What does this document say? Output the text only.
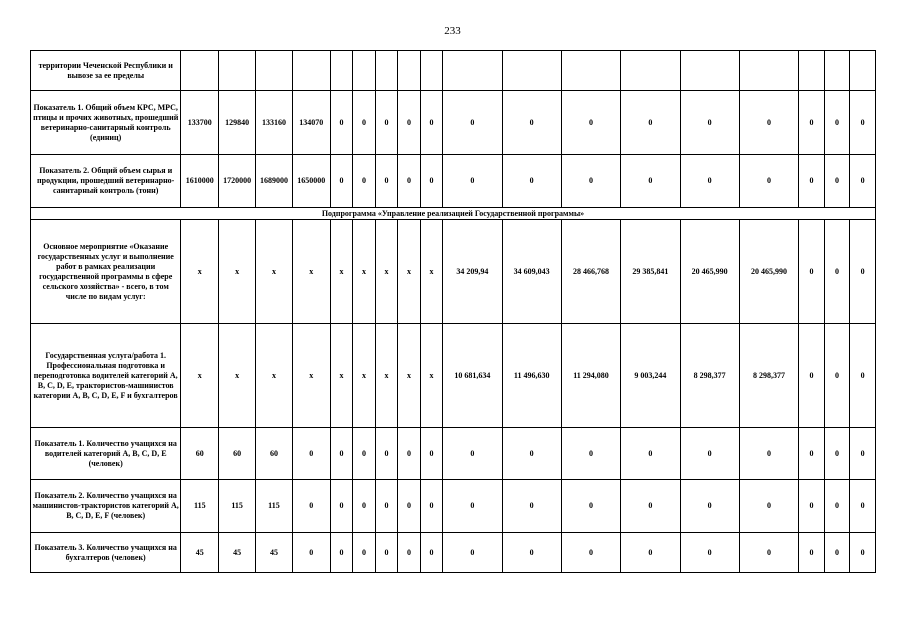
233
территории Чеченской Республики и вывозе за ее пределы																		
Показатель 1. Общий объем КРС, МРС, птицы и прочих животных, прошедший ветеринарно-санитарный контроль (единиц)	133700	129840	133160	134070	0	0	0	0	0	0	0	0	0	0	0	0	0	0
Показатель 2. Общий объем сырья и продукции, прошедший ветеринарно-санитарный контроль (тонн)	1610000	1720000	1689000	1650000	0	0	0	0	0	0	0	0	0	0	0	0	0	0
Подпрограмма «Управление реализацией Государственной программы»																		
Основное мероприятие «Оказание государственных услуг и выполнение работ в рамках реализации государственной программы в сфере сельского хозяйства» - всего, в том числе по видам услуг:	х	х	х	х	х	х	х	х	х	34 209,94	34 609,043	28 466,768	29 385,841	20 465,990	20 465,990	0	0	0
Государственная услуга/работа 1. Профессиональная подготовка и переподготовка водителей категорий А, В, С, D, E, трактористов-машинистов категории А, В, С, D, E, F и бухгалтеров	х	х	х	х	х	х	х	х	х	10 681,634	11 496,630	11 294,080	9 003,244	8 298,377	8 298,377	0	0	0
Показатель 1. Количество учащихся на водителей категорий А, В, С, D, E (человек)	60	60	60	0	0	0	0	0	0	0	0	0	0	0	0	0	0	0
Показатель 2. Количество учащихся на машинистов-трактористов категорий А, В, С, D, E, F (человек)	115	115	115	0	0	0	0	0	0	0	0	0	0	0	0	0	0	0
Показатель 3. Количество учащихся на бухгалтеров (человек)	45	45	45	0	0	0	0	0	0	0	0	0	0	0	0	0	0	0
